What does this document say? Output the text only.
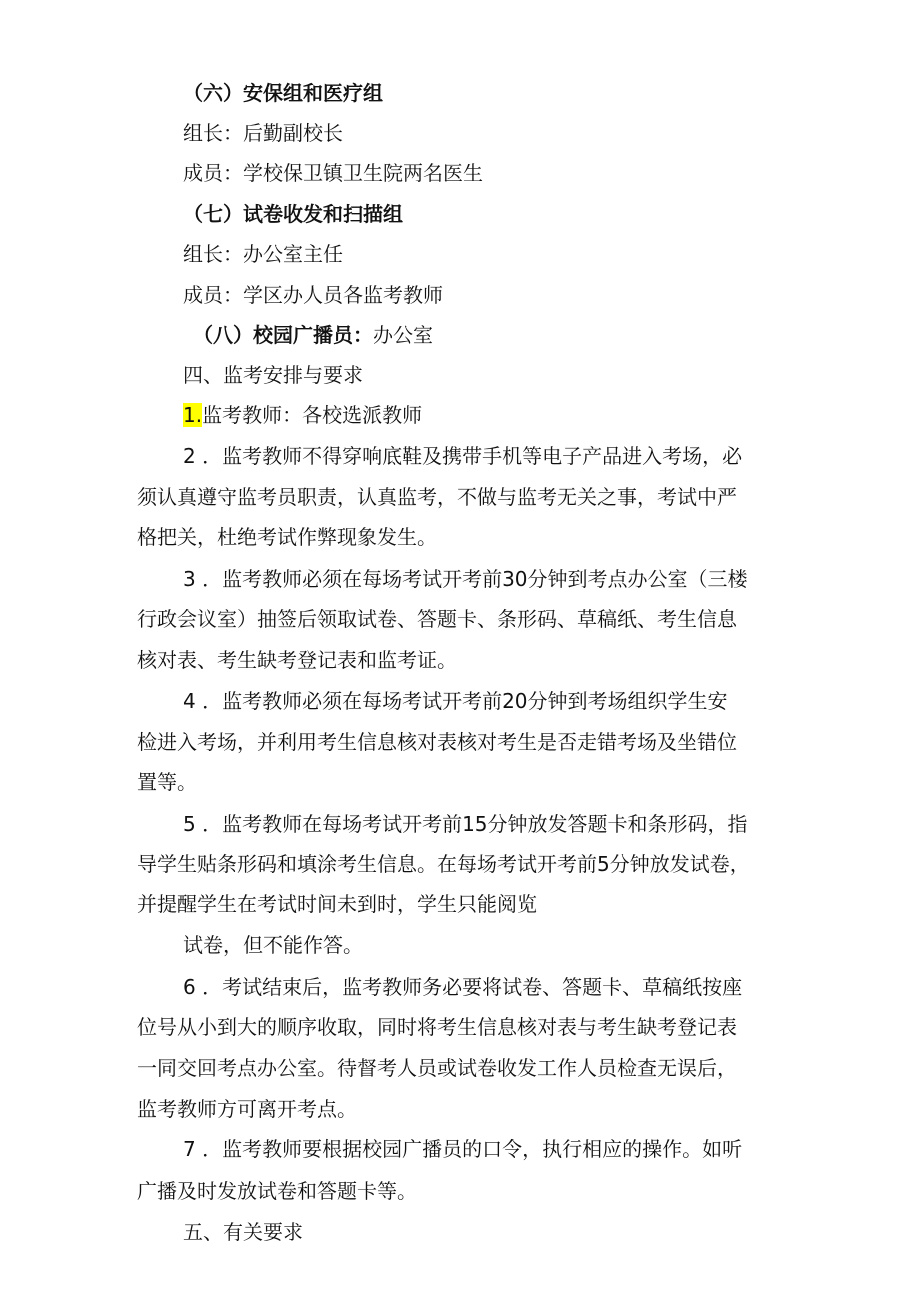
（六）安保组和医疗组
组长：后勤副校长
成员：学校保卫镇卫生院两名医生
（七）试卷收发和扫描组
组长：办公室主任
成员：学区办人员各监考教师
（八）校园广播员：办公室
四、监考安排与要求
1.监考教师：各校选派教师
2 ．监考教师不得穿响底鞋及携带手机等电子产品进入考场，必
须认真遵守监考员职责，认真监考，不做与监考无关之事，考试中严
格把关，杜绝考试作弊现象发生。
3 ．监考教师必须在每场考试开考前30分钟到考点办公室（三楼
行政会议室）抽签后领取试卷、答题卡、条形码、草稿纸、考生信息
核对表、考生缺考登记表和监考证。
4 ．监考教师必须在每场考试开考前20分钟到考场组织学生安
检进入考场，并利用考生信息核对表核对考生是否走错考场及坐错位
置等。
5 ．监考教师在每场考试开考前15分钟放发答题卡和条形码，指
导学生贴条形码和填涂考生信息。在每场考试开考前5分钟放发试卷，
并提醒学生在考试时间未到时，学生只能阅览
试卷，但不能作答。
6 ．考试结束后，监考教师务必要将试卷、答题卡、草稿纸按座
位号从小到大的顺序收取，同时将考生信息核对表与考生缺考登记表
一同交回考点办公室。待督考人员或试卷收发工作人员检查无误后，
监考教师方可离开考点。
7 ．监考教师要根据校园广播员的口令，执行相应的操作。如听
广播及时发放试卷和答题卡等。
五、有关要求
